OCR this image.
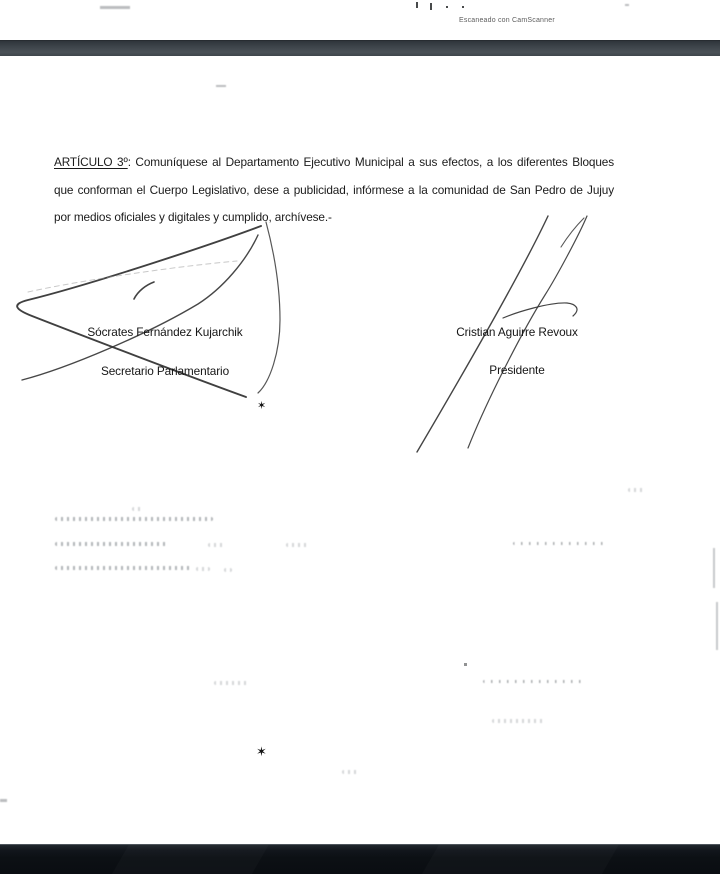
Escaneado con CamScanner
ARTÍCULO 3º: Comuníquese al Departamento Ejecutivo Municipal a sus efectos, a los diferentes Bloques
que conforman el Cuerpo Legislativo, dese a publicidad, infórmese a la comunidad de San Pedro de Jujuy
por medios oficiales y digitales y cumplido, archívese.-
Sócrates Fernández Kujarchik
Secretario Parlamentario
Cristian Aguirre Revoux
Presidente
✶
✶
